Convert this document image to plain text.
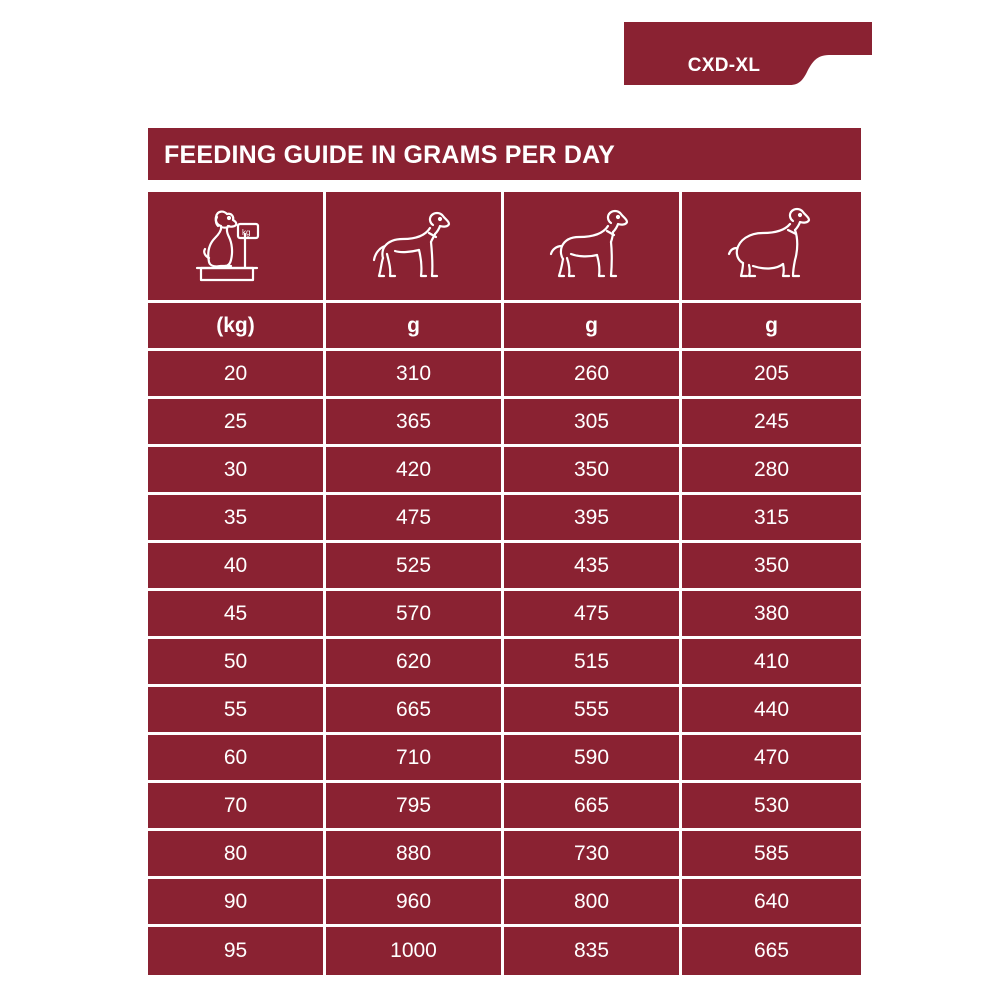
CXD-XL
FEEDING GUIDE IN GRAMS PER DAY
kg
(kg)	g	g	g
20	310	260	205
25	365	305	245
30	420	350	280
35	475	395	315
40	525	435	350
45	570	475	380
50	620	515	410
55	665	555	440
60	710	590	470
70	795	665	530
80	880	730	585
90	960	800	640
95	1000	835	665
